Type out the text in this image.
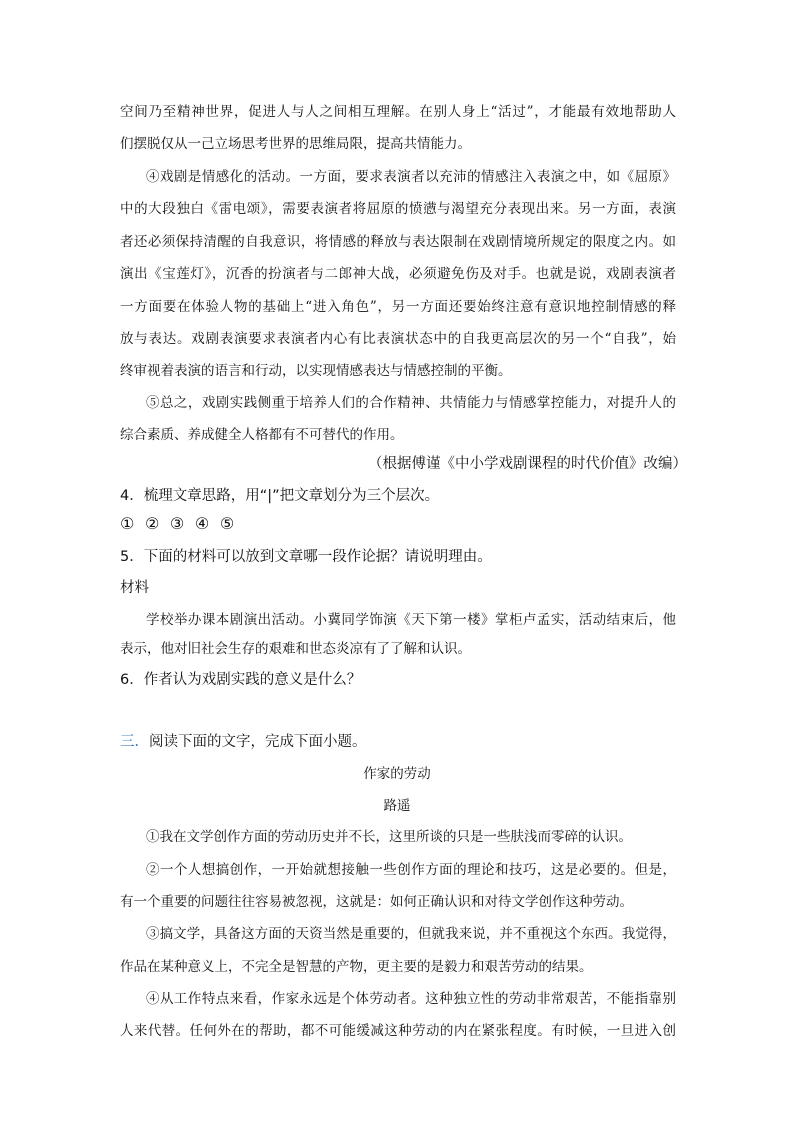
空间乃至精神世界，促进人与人之间相互理解。在别人身上“活过”，才能最有效地帮助人
们摆脱仅从一己立场思考世界的思维局限，提高共情能力。
④戏剧是情感化的活动。一方面，要求表演者以充沛的情感注入表演之中，如《屈原》
中的大段独白《雷电颂》，需要表演者将屈原的愤懑与渴望充分表现出来。另一方面，表演
者还必须保持清醒的自我意识，将情感的释放与表达限制在戏剧情境所规定的限度之内。如
演出《宝莲灯》，沉香的扮演者与二郎神大战，必须避免伤及对手。也就是说，戏剧表演者
一方面要在体验人物的基础上“进入角色”，另一方面还要始终注意有意识地控制情感的释
放与表达。戏剧表演要求表演者内心有比表演状态中的自我更高层次的另一个“自我”，始
终审视着表演的语言和行动，以实现情感表达与情感控制的平衡。
⑤总之，戏剧实践侧重于培养人们的合作精神、共情能力与情感掌控能力，对提升人的
综合素质、养成健全人格都有不可替代的作用。
（根据傅谨《中小学戏剧课程的时代价值》改编）
4．梳理文章思路，用“|”把文章划分为三个层次。
① ② ③ ④ ⑤
5．下面的材料可以放到文章哪一段作论据？请说明理由。
材料
学校举办课本剧演出活动。小冀同学饰演《天下第一楼》掌柜卢孟实，活动结束后，他
表示，他对旧社会生存的艰难和世态炎凉有了了解和认识。
6．作者认为戏剧实践的意义是什么？
三．阅读下面的文字，完成下面小题。
作家的劳动
路遥
①我在文学创作方面的劳动历史并不长，这里所谈的只是一些肤浅而零碎的认识。
②一个人想搞创作，一开始就想接触一些创作方面的理论和技巧，这是必要的。但是，
有一个重要的问题往往容易被忽视，这就是：如何正确认识和对待文学创作这种劳动。
③搞文学，具备这方面的天资当然是重要的，但就我来说，并不重视这个东西。我觉得，
作品在某种意义上，不完全是智慧的产物，更主要的是毅力和艰苦劳动的结果。
④从工作特点来看，作家永远是个体劳动者。这种独立性的劳动非常艰苦，不能指靠别
人来代替。任何外在的帮助，都不可能缓减这种劳动的内在紧张程度。有时候，一旦进入创
